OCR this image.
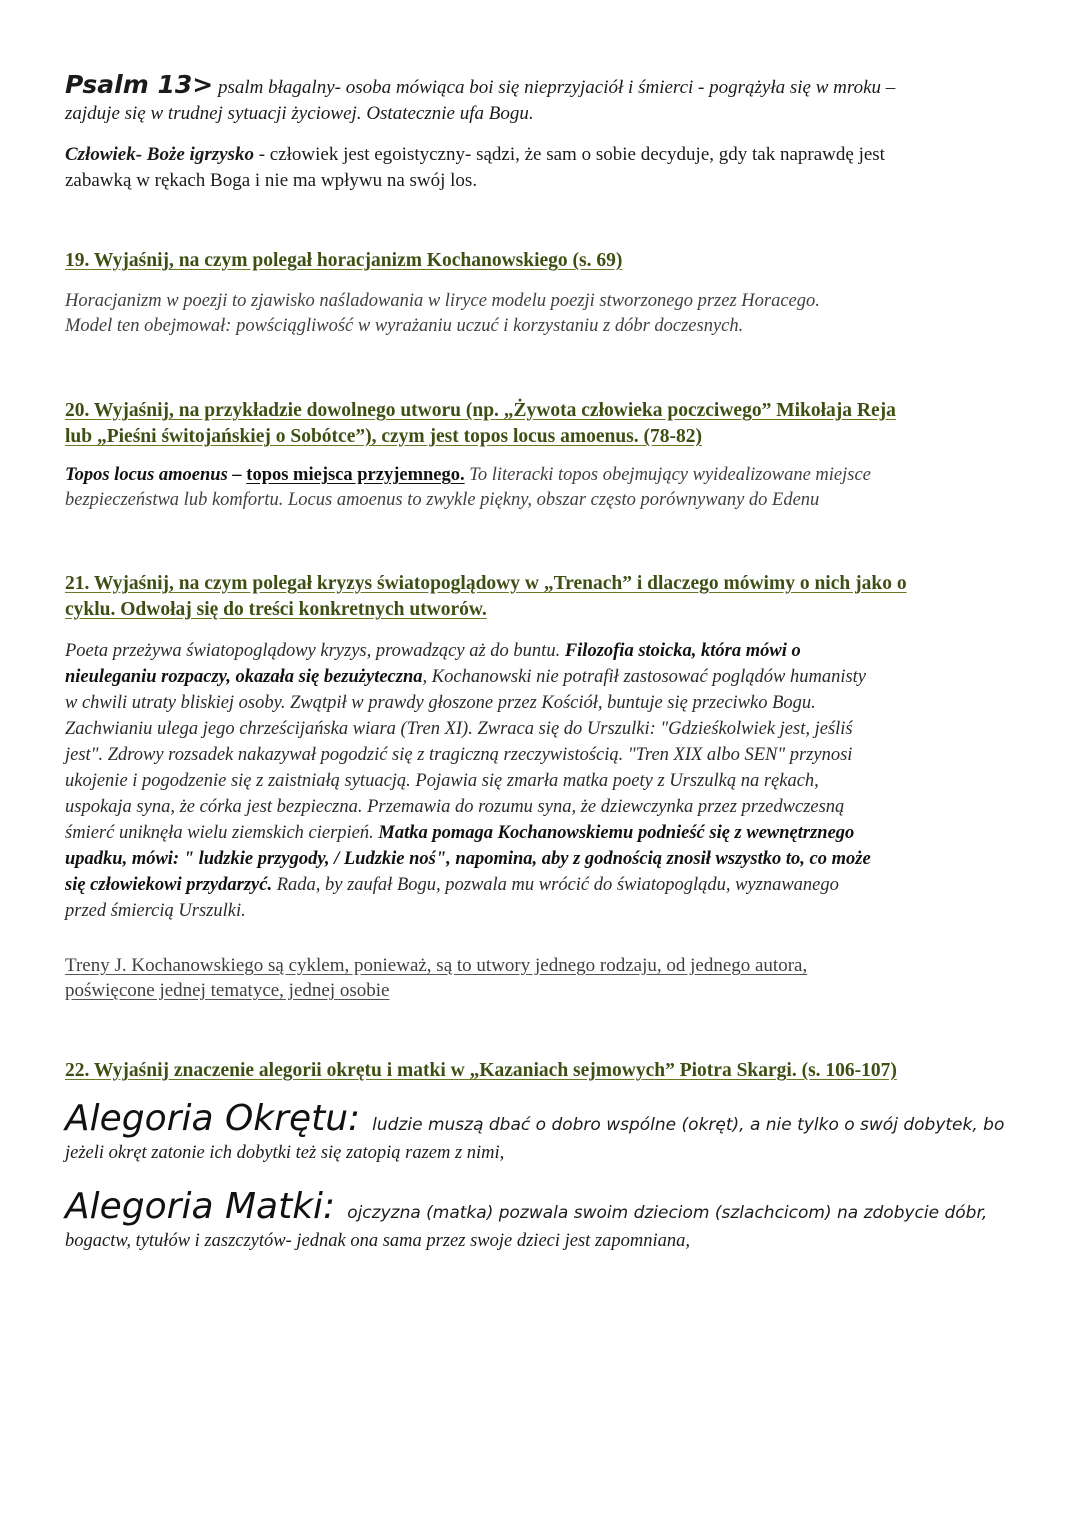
Psalm 13> psalm błagalny- osoba mówiąca boi się nieprzyjaciół i śmierci - pogrążyła się w mroku –
zajduje się w trudnej sytuacji życiowej. Ostatecznie ufa Bogu.
Człowiek- Boże igrzysko - człowiek jest egoistyczny- sądzi, że sam o sobie decyduje, gdy tak naprawdę jest
zabawką w rękach Boga i nie ma wpływu na swój los.
19. Wyjaśnij, na czym polegał horacjanizm Kochanowskiego (s. 69)
Horacjanizm w poezji to zjawisko naśladowania w liryce modelu poezji stworzonego przez Horacego.
Model ten obejmował: powściągliwość w wyrażaniu uczuć i korzystaniu z dóbr doczesnych.
20. Wyjaśnij, na przykładzie dowolnego utworu (np. „Żywota człowieka poczciwego” Mikołaja Reja
lub „Pieśni świtojańskiej o Sobótce”), czym jest topos locus amoenus. (78-82)
Topos locus amoenus – topos miejsca przyjemnego. To literacki topos obejmujący wyidealizowane miejsce
bezpieczeństwa lub komfortu. Locus amoenus to zwykle piękny, obszar często porównywany do Edenu
21. Wyjaśnij, na czym polegał kryzys światopoglądowy w „Trenach” i dlaczego mówimy o nich jako o
cyklu. Odwołaj się do treści konkretnych utworów.
Poeta przeżywa światopoglądowy kryzys, prowadzący aż do buntu. Filozofia stoicka, która mówi o
nieuleganiu rozpaczy, okazała się bezużyteczna, Kochanowski nie potrafił zastosować poglądów humanisty
w chwili utraty bliskiej osoby. Zwątpił w prawdy głoszone przez Kościół, buntuje się przeciwko Bogu.
Zachwianiu ulega jego chrześcijańska wiara (Tren XI). Zwraca się do Urszulki: "Gdzieśkolwiek jest, jeśliś
jest". Zdrowy rozsadek nakazywał pogodzić się z tragiczną rzeczywistością. "Tren XIX albo SEN" przynosi
ukojenie i pogodzenie się z zaistniałą sytuacją. Pojawia się zmarła matka poety z Urszulką na rękach,
uspokaja syna, że córka jest bezpieczna. Przemawia do rozumu syna, że dziewczynka przez przedwczesną
śmierć uniknęła wielu ziemskich cierpień. Matka pomaga Kochanowskiemu podnieść się z wewnętrznego
upadku, mówi: " ludzkie przygody, / Ludzkie noś", napomina, aby z godnością znosił wszystko to, co może
się człowiekowi przydarzyć. Rada, by zaufał Bogu, pozwala mu wrócić do światopoglądu, wyznawanego
przed śmiercią Urszulki.
Treny J. Kochanowskiego są cyklem, ponieważ, są to utwory jednego rodzaju, od jednego autora,
poświęcone jednej tematyce, jednej osobie
22. Wyjaśnij znaczenie alegorii okrętu i matki w „Kazaniach sejmowych” Piotra Skargi. (s. 106-107)
Alegoria Okrętu: ludzie muszą dbać o dobro wspólne (okręt), a nie tylko o swój dobytek, bo
jeżeli okręt zatonie ich dobytki też się zatopią razem z nimi,
Alegoria Matki: ojczyzna (matka) pozwala swoim dzieciom (szlachcicom) na zdobycie dóbr,
bogactw, tytułów i zaszczytów- jednak ona sama przez swoje dzieci jest zapomniana,
